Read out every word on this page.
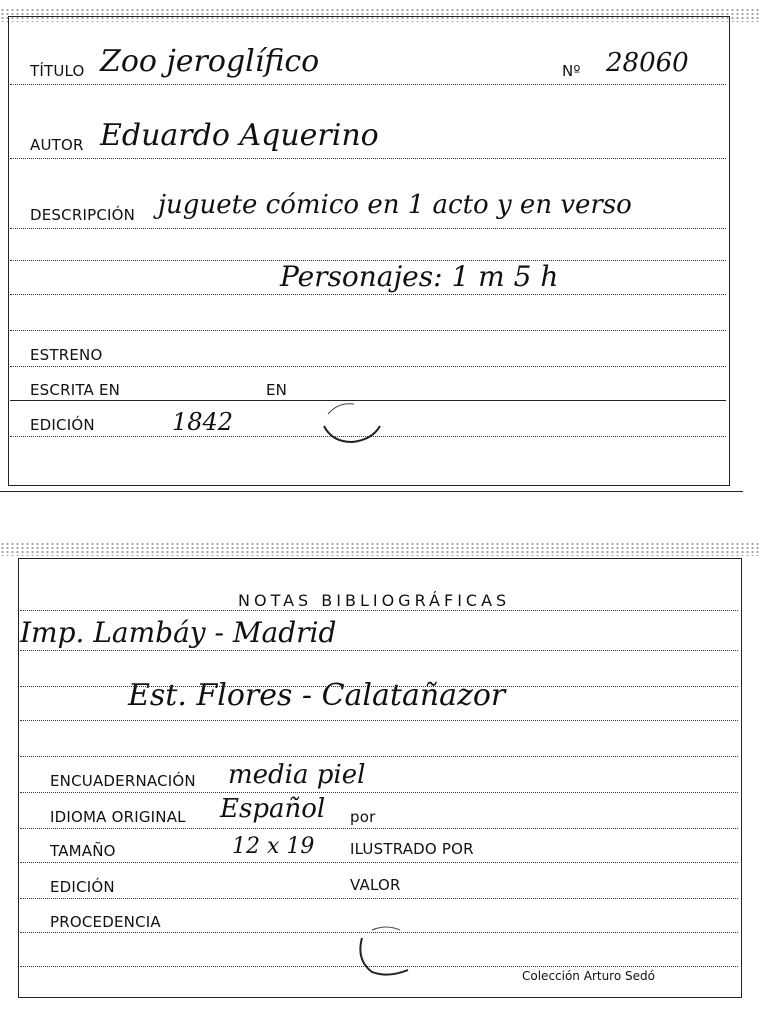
TÍTULO Zoo jeroglífico	Nº 28060
AUTOR Eduardo Aquerino
DESCRIPCIÓN juguete cómico en 1 acto y en verso
Personajes: 1 m 5 h
ESTRENO
ESCRITA EN	EN
EDICIÓN	1842
NOTAS BIBLIOGRÁFICAS
Imp. Lambáy - Madrid
Est. Flores - Calatañazor
ENCUADERNACIÓN media piel
IDIOMA ORIGINAL Español por
TAMAÑO	12 x 19 ILUSTRADO POR
EDICIÓN	VALOR
PROCEDENCIA
Colección Arturo Sedó
